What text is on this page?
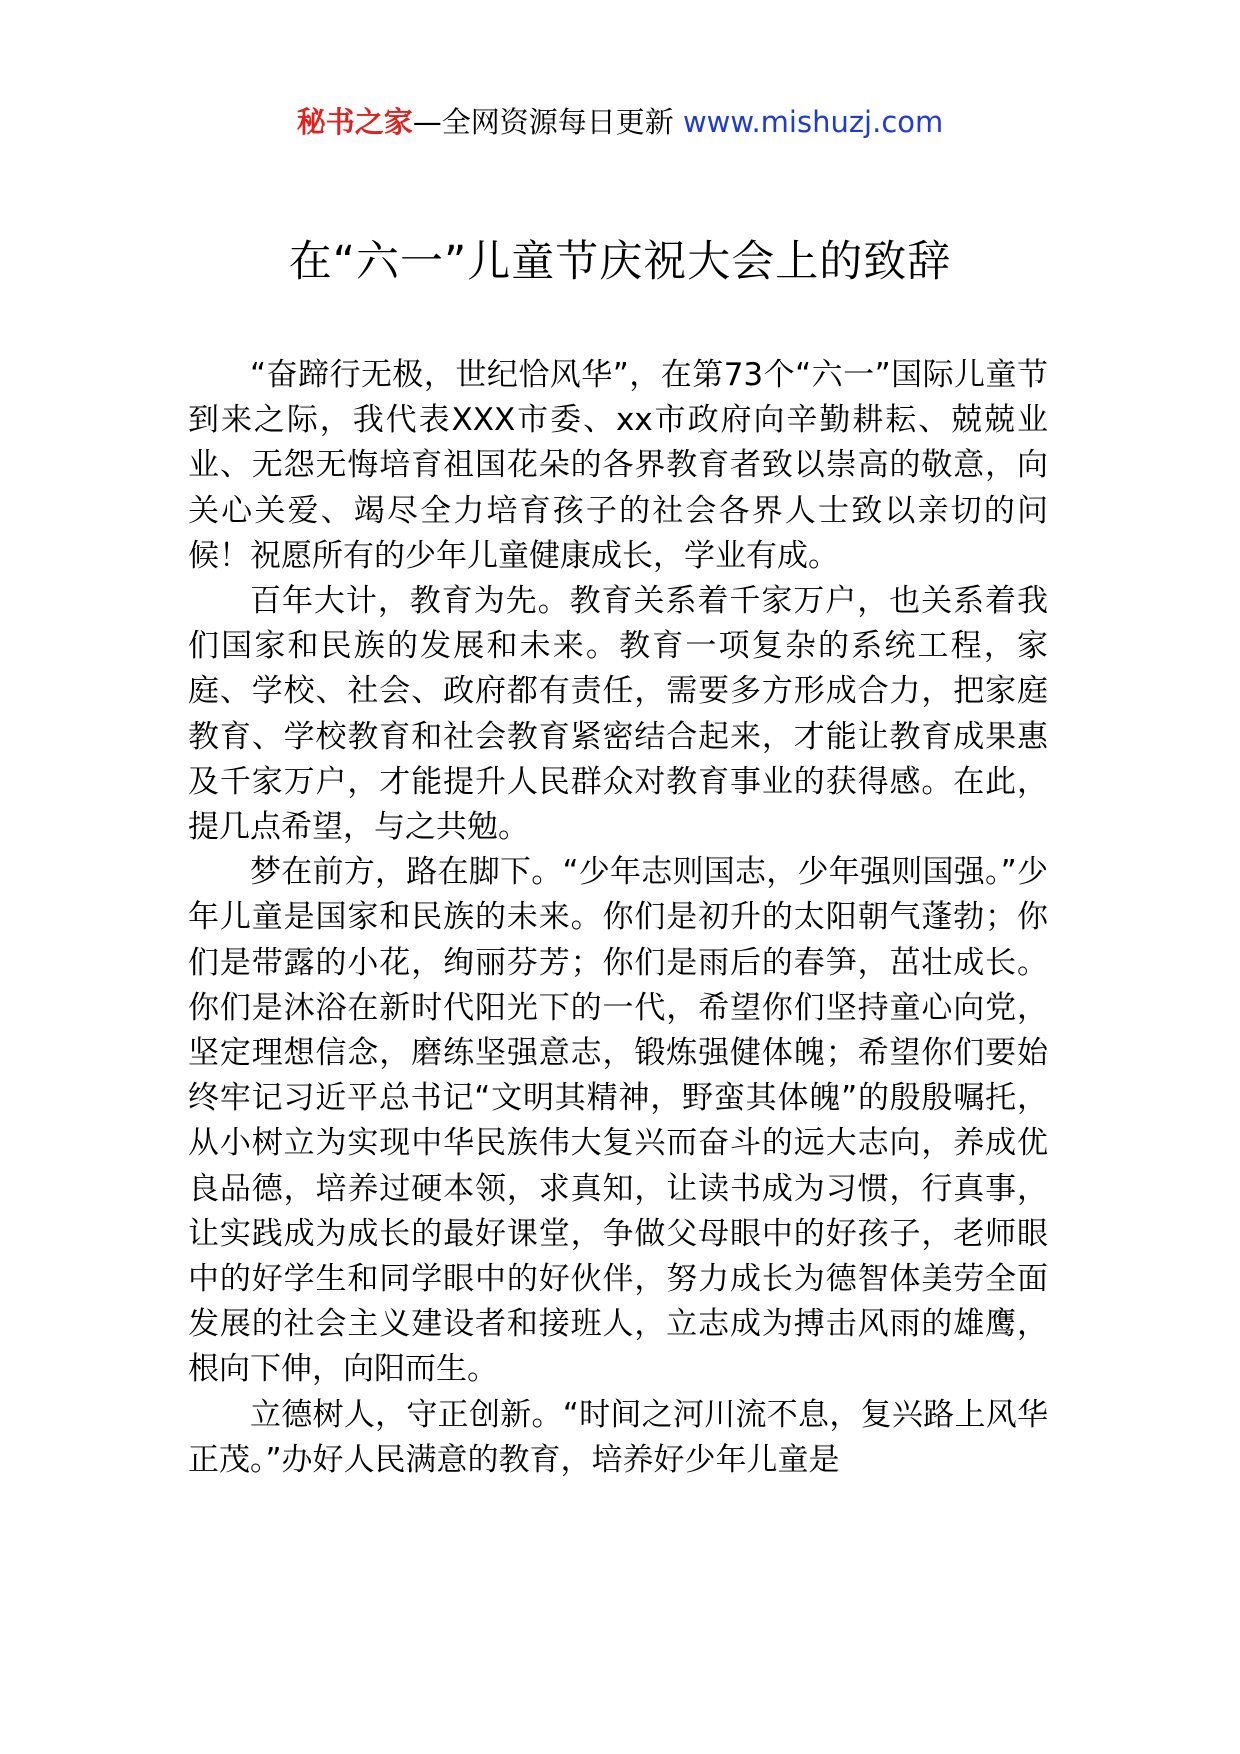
秘书之家—全网资源每日更新 www.mishuzj.com
在“六一”儿童节庆祝大会上的致辞

“奋蹄行无极，世纪恰风华”，在第73个“六一”国际儿童节到来之际，我代表XXX市委、xx市政府向辛勤耕耘、兢兢业业、无怨无悔培育祖国花朵的各界教育者致以崇高的敬意，向关心关爱、竭尽全力培育孩子的社会各界人士致以亲切的问候！祝愿所有的少年儿童健康成长，学业有成。

百年大计，教育为先。教育关系着千家万户，也关系着我们国家和民族的发展和未来。教育一项复杂的系统工程，家庭、学校、社会、政府都有责任，需要多方形成合力，把家庭教育、学校教育和社会教育紧密结合起来，才能让教育成果惠及千家万户，才能提升人民群众对教育事业的获得感。在此，提几点希望，与之共勉。

梦在前方，路在脚下。“少年志则国志，少年强则国强。”少年儿童是国家和民族的未来。你们是初升的太阳朝气蓬勃；你们是带露的小花，绚丽芬芳；你们是雨后的春笋，茁壮成长。你们是沐浴在新时代阳光下的一代，希望你们坚持童心向党，坚定理想信念，磨练坚强意志，锻炼强健体魄；希望你们要始终牢记习近平总书记“文明其精神，野蛮其体魄”的殷殷嘱托，从小树立为实现中华民族伟大复兴而奋斗的远大志向，养成优良品德，培养过硬本领，求真知，让读书成为习惯，行真事，让实践成为成长的最好课堂，争做父母眼中的好孩子，老师眼中的好学生和同学眼中的好伙伴，努力成长为德智体美劳全面发展的社会主义建设者和接班人，立志成为搏击风雨的雄鹰，根向下伸，向阳而生。

立德树人，守正创新。“时间之河川流不息，复兴路上风华正茂。”办好人民满意的教育，培养好少年儿童是
